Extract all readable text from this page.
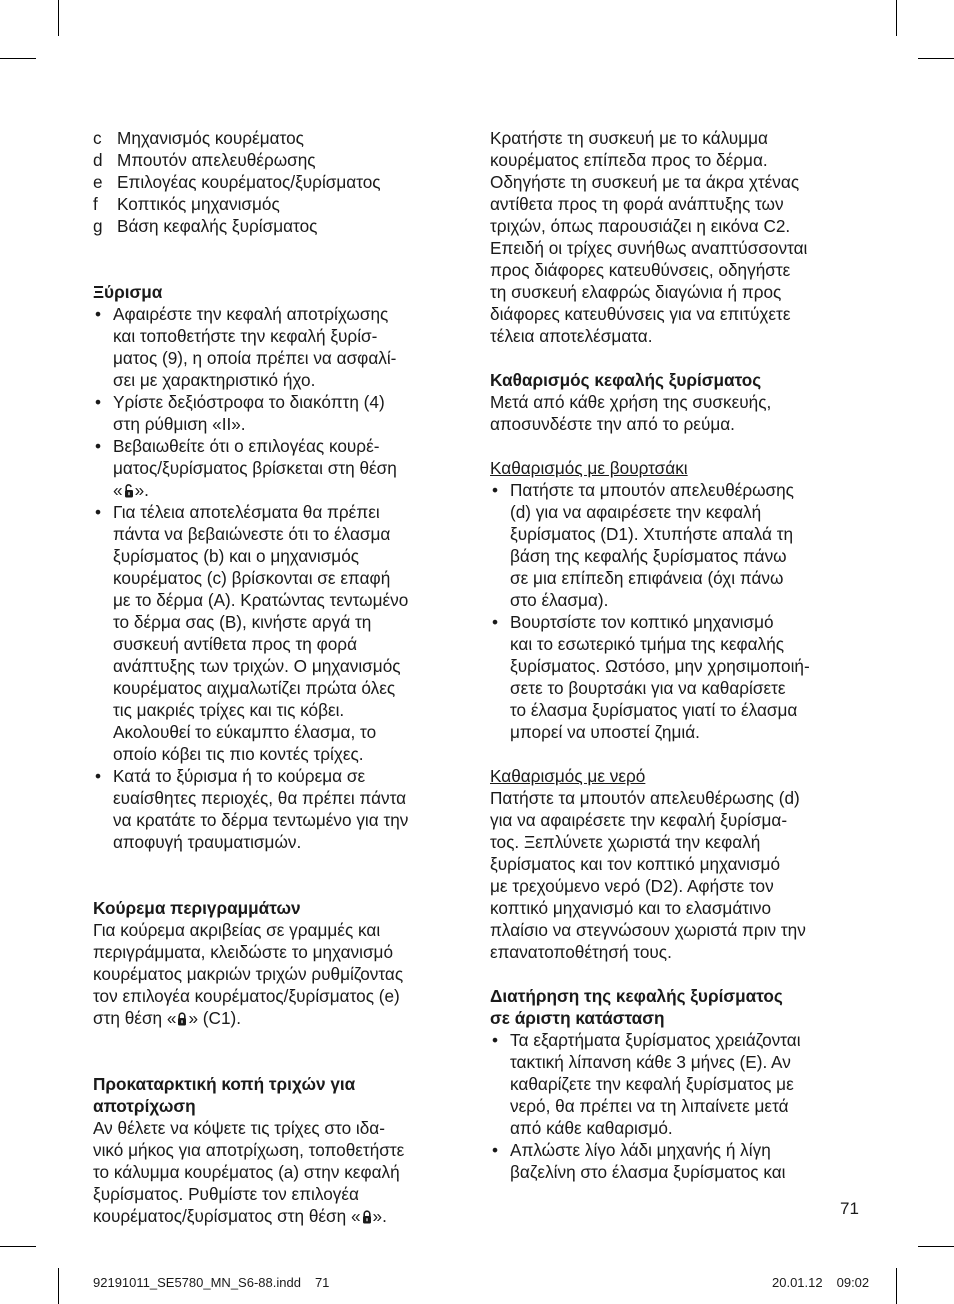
c Μηχανισμός κουρέματος
d Μπουτόν απελευθέρωσης
e Επιλογέας κουρέματος/ξυρίσματος
f	Κοπτικός μηχανισμός
g Βάση κεφαλής ξυρίσματος
Ξύρισμα
• Αφαιρέστε την κεφαλή αποτρίχωσης
και τοποθετήστε την κεφαλή ξυρίσ-
ματος (9), η οποία πρέπει να ασφαλί-
σει με χαρακτηριστικό ήχο.
• Υρίστε δεξιόστροφα το διακόπτη (4)
στη ρύθμιση «II».
• Βεβαιωθείτε ότι ο επιλογέας κουρέ-
ματος/ξυρίσματος βρίσκεται στη θέση
« ».
• Για τέλεια αποτελέσματα θα πρέπει
πάντα να βεβαιώνεστε ότι το έλασμα
ξυρίσματος (b) και ο μηχανισμός
κουρέματος (c) βρίσκονται σε επαφή
με το δέρμα (A). Κρατώντας τεντωμένο
το δέρμα σας (B), κινήστε αργά τη
συσκευή αντίθετα προς τη φορά
ανάπτυξης των τριχών. Ο μηχανισμός
κουρέματος αιχμαλωτίζει πρώτα όλες
τις μακριές τρίχες και τις κόβει.
Ακολουθεί το εύκαμπτο έλασμα, το
οποίο κόβει τις πιο κοντές τρίχες.
• Κατά το ξύρισμα ή το κούρεμα σε
ευαίσθητες περιοχές, θα πρέπει πάντα
να κρατάτε το δέρμα τεντωμένο για την
αποφυγή τραυματισμών.
Κούρεμα περιγραμμάτων
Για κούρεμα ακριβείας σε γραμμές και
περιγράμματα, κλειδώστε το μηχανισμό
κουρέματος μακριών τριχών ρυθμίζοντας
τον επιλογέα κουρέματος/ξυρίσματος (e)
στη θέση « » (C1).
Προκαταρκτική κοπή τριχών για
αποτρίχωση
Αν θέλετε να κόψετε τις τρίχες στο ιδα-
νικό μήκος για αποτρίχωση, τοποθετήστε
το κάλυμμα κουρέματος (a) στην κεφαλή
ξυρίσματος. Ρυθμίστε τον επιλογέα
κουρέματος/ξυρίσματος στη θέση « ».
Κρατήστε τη συσκευή με το κάλυμμα
κουρέματος επίπεδα προς το δέρμα.
Οδηγήστε τη συσκευή με τα άκρα χτένας
αντίθετα προς τη φορά ανάπτυξης των
τριχών, όπως παρουσιάζει η εικόνα C2.
Επειδή οι τρίχες συνήθως αναπτύσσονται
προς διάφορες κατευθύνσεις, οδηγήστε
τη συσκευή ελαφρώς διαγώνια ή προς
διάφορες κατευθύνσεις για να επιτύχετε
τέλεια αποτελέσματα.
Καθαρισμός κεφαλής ξυρίσματος
Μετά από κάθε χρήση της συσκευής,
αποσυνδέστε την από το ρεύμα.
Καθαρισμός με βουρτσάκι
• Πατήστε τα μπουτόν απελευθέρωσης
(d) για να αφαιρέσετε την κεφαλή
ξυρίσματος (D1). Χτυπήστε απαλά τη
βάση της κεφαλής ξυρίσματος πάνω
σε μια επίπεδη επιφάνεια (όχι πάνω
στο έλασμα).
• Βουρτσίστε τον κοπτικό μηχανισμό
και το εσωτερικό τμήμα της κεφαλής
ξυρίσματος. Ωστόσο, μην χρησιμοποιή-
σετε το βουρτσάκι για να καθαρίσετε
το έλασμα ξυρίσματος γιατί το έλασμα
μπορεί να υποστεί ζημιά.
Καθαρισμός με νερό
Πατήστε τα μπουτόν απελευθέρωσης (d)
για να αφαιρέσετε την κεφαλή ξυρίσμα-
τος. Ξεπλύνετε χωριστά την κεφαλή
ξυρίσματος και τον κοπτικό μηχανισμό
με τρεχούμενο νερό (D2). Αφήστε τον
κοπτικό μηχανισμό και το ελασμάτινο
πλαίσιο να στεγνώσουν χωριστά πριν την
επανατοποθέτησή τους.
Διατήρηση της κεφαλής ξυρίσματος
σε άριστη κατάσταση
• Τα εξαρτήματα ξυρίσματος χρειάζονται
τακτική λίπανση κάθε 3 μήνες (E). Αν
καθαρίζετε την κεφαλή ξυρίσματος με
νερό, θα πρέπει να τη λιπαίνετε μετά
από κάθε καθαρισμό.
• Απλώστε λίγο λάδι μηχανής ή λίγη
βαζελίνη στο έλασμα ξυρίσματος και
71
92191011_SE5780_MN_S6-88.indd 71	20.01.12 09:02
